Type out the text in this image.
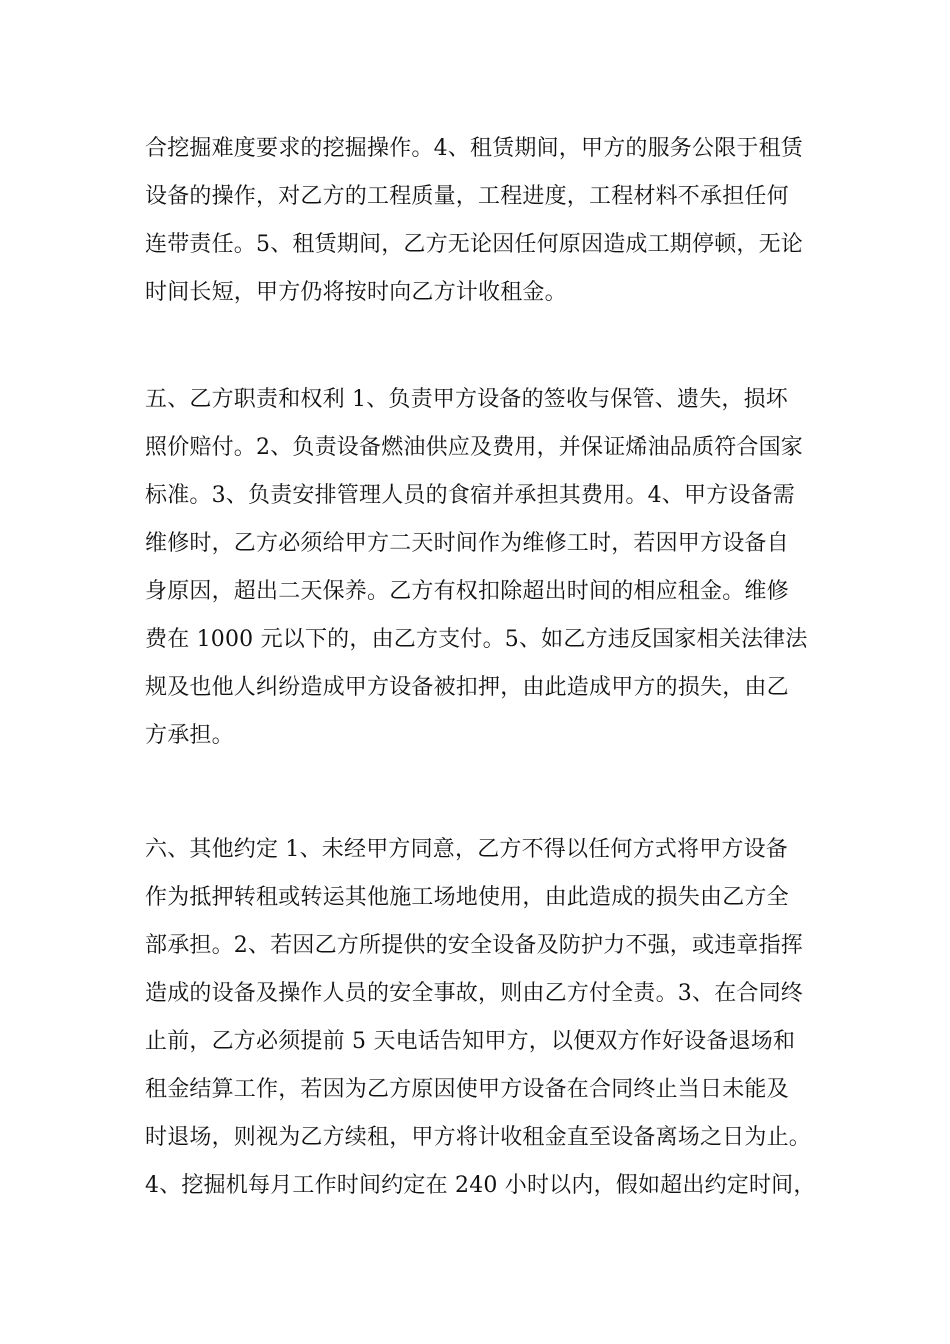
合挖掘难度要求的挖掘操作。4、租赁期间，甲方的服务公限于租赁
设备的操作，对乙方的工程质量，工程进度，工程材料不承担任何
连带责任。5、租赁期间，乙方无论因任何原因造成工期停顿，无论
时间长短，甲方仍将按时向乙方计收租金。
五、乙方职责和权利 1、负责甲方设备的签收与保管、遗失，损坏
照价赔付。2、负责设备燃油供应及费用，并保证烯油品质符合国家
标准。3、负责安排管理人员的食宿并承担其费用。4、甲方设备需
维修时，乙方必须给甲方二天时间作为维修工时，若因甲方设备自
身原因，超出二天保养。乙方有权扣除超出时间的相应租金。维修
费在 1000 元以下的，由乙方支付。5、如乙方违反国家相关法律法
规及也他人纠纷造成甲方设备被扣押，由此造成甲方的损失，由乙
方承担。
六、其他约定 1、未经甲方同意，乙方不得以任何方式将甲方设备
作为抵押转租或转运其他施工场地使用，由此造成的损失由乙方全
部承担。2、若因乙方所提供的安全设备及防护力不强，或违章指挥
造成的设备及操作人员的安全事故，则由乙方付全责。3、在合同终
止前，乙方必须提前 5 天电话告知甲方，以便双方作好设备退场和
租金结算工作，若因为乙方原因使甲方设备在合同终止当日未能及
时退场，则视为乙方续租，甲方将计收租金直至设备离场之日为止。
4、挖掘机每月工作时间约定在 240 小时以内，假如超出约定时间，
